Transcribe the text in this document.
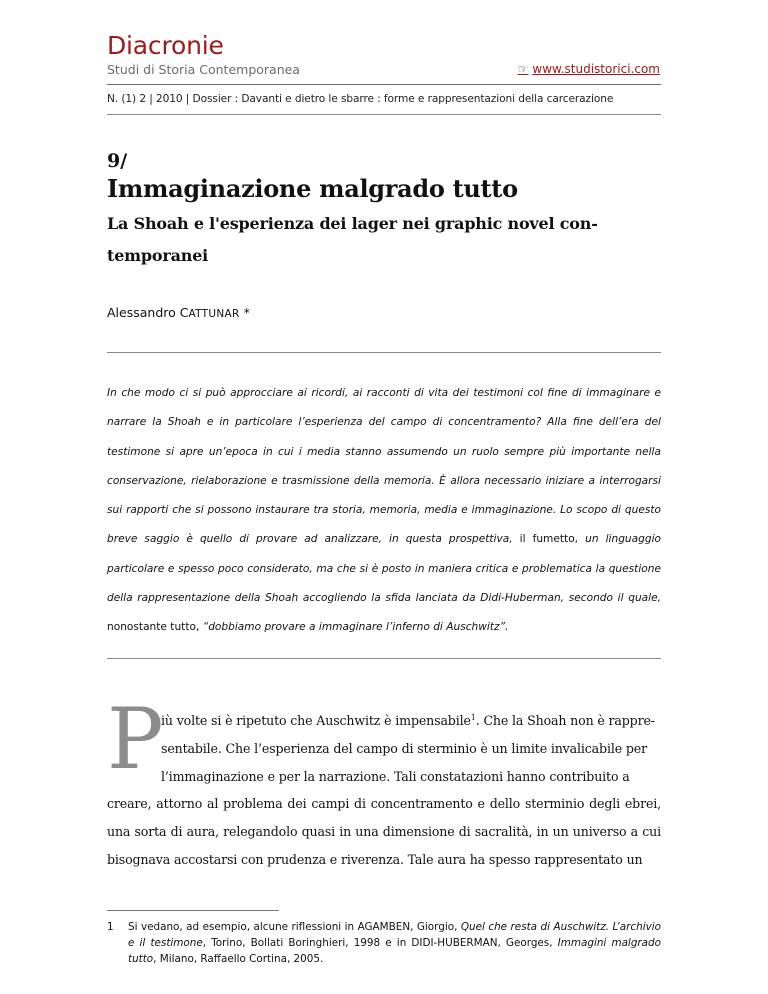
Diacronie
Studi di Storia Contemporanea	☞ www.studistorici.com
N. (1) 2 | 2010 | Dossier : Davanti e dietro le sbarre : forme e rappresentazioni della carcerazione
9/
Immaginazione malgrado tutto
La Shoah e l'esperienza dei lager nei graphic novel con-
temporanei
Alessandro CATTUNAR *
In che modo ci si può approcciare ai ricordi, ai racconti di vita dei testimoni col fine di immaginare e narrare la Shoah e in particolare l’esperienza del campo di concentramento? Alla fine dell’era del testimone si apre un’epoca in cui i media stanno assumendo un ruolo sempre più importante nella conservazione, rielaborazione e trasmissione della memoria. È allora necessario iniziare a interrogarsi sui rapporti che si possono instaurare tra storia, memoria, media e immaginazione. Lo scopo di questo breve saggio è quello di provare ad analizzare, in questa prospettiva, il fumetto, un linguaggio particolare e spesso poco considerato, ma che si è posto in maniera critica e problematica la questione della rappresentazione della Shoah accogliendo la sfida lanciata da Didi-Huberman, secondo il quale, nonostante tutto, “dobbiamo provare a immaginare l’inferno di Auschwitz”.
P
iù volte si è ripetuto che Auschwitz è impensabile$^1$. Che la Shoah non è rappre-
sentabile. Che l’esperienza del campo di sterminio è un limite invalicabile per
l’immaginazione e per la narrazione. Tali constatazioni hanno contribuito a
creare, attorno al problema dei campi di concentramento e dello sterminio degli ebrei, una sorta di aura, relegandolo quasi in una dimensione di sacralità, in un universo a cui bisognava accostarsi con prudenza e riverenza. Tale aura ha spesso rappresentato un
1	Si vedano, ad esempio, alcune riflessioni in AGAMBEN, Giorgio, Quel che resta di Auschwitz. L’archivio e il testimone, Torino, Bollati Boringhieri, 1998 e in DIDI-HUBERMAN, Georges, Immagini malgrado tutto, Milano, Raffaello Cortina, 2005.
